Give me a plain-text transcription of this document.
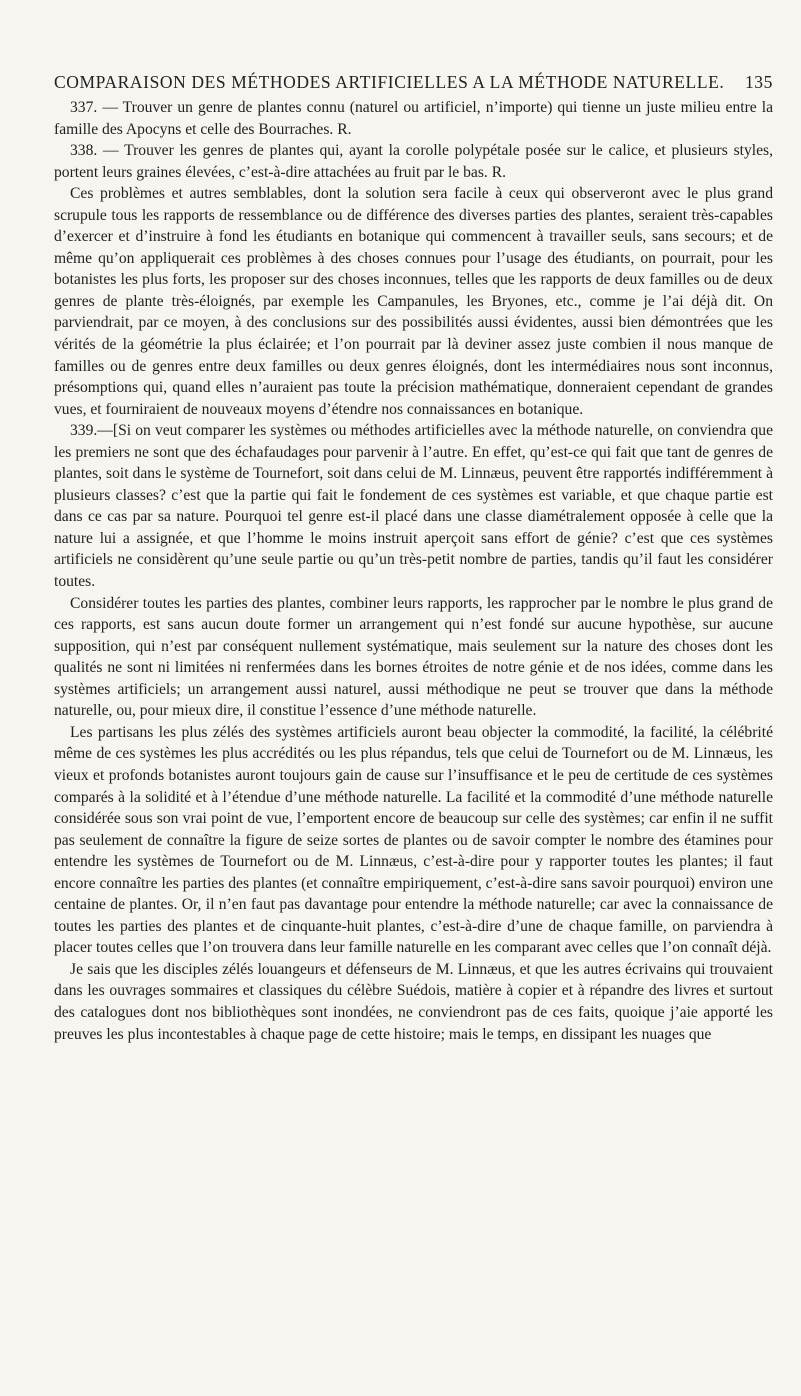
COMPARAISON DES MÉTHODES ARTIFICIELLES A LA MÉTHODE NATURELLE. 135

337. — Trouver un genre de plantes connu (naturel ou artificiel, n’importe) qui tienne un juste milieu entre la famille des Apocyns et celle des Bourraches. R.

338. — Trouver les genres de plantes qui, ayant la corolle polypétale posée sur le calice, et plusieurs styles, portent leurs graines élevées, c’est-à-dire attachées au fruit par le bas. R.

Ces problèmes et autres semblables, dont la solution sera facile à ceux qui observeront avec le plus grand scrupule tous les rapports de ressemblance ou de différence des diverses parties des plantes, seraient très-capables d’exercer et d’instruire à fond les étudiants en botanique qui commencent à travailler seuls, sans secours; et de même qu’on appliquerait ces problèmes à des choses connues pour l’usage des étudiants, on pourrait, pour les botanistes les plus forts, les proposer sur des choses inconnues, telles que les rapports de deux familles ou de deux genres de plante très-éloignés, par exemple les Campanules, les Bryones, etc., comme je l’ai déjà dit. On parviendrait, par ce moyen, à des conclusions sur des possibilités aussi évidentes, aussi bien démontrées que les vérités de la géométrie la plus éclairée; et l’on pourrait par là deviner assez juste combien il nous manque de familles ou de genres entre deux familles ou deux genres éloignés, dont les intermédiaires nous sont inconnus, présomptions qui, quand elles n’auraient pas toute la précision mathématique, donneraient cependant de grandes vues, et fourniraient de nouveaux moyens d’étendre nos connaissances en botanique.

339.—[Si on veut comparer les systèmes ou méthodes artificielles avec la méthode naturelle, on conviendra que les premiers ne sont que des échafaudages pour parvenir à l’autre. En effet, qu’est-ce qui fait que tant de genres de plantes, soit dans le système de Tournefort, soit dans celui de M. Linnæus, peuvent être rapportés indifféremment à plusieurs classes? c’est que la partie qui fait le fondement de ces systèmes est variable, et que chaque partie est dans ce cas par sa nature. Pourquoi tel genre est-il placé dans une classe diamétralement opposée à celle que la nature lui a assignée, et que l’homme le moins instruit aperçoit sans effort de génie? c’est que ces systèmes artificiels ne considèrent qu’une seule partie ou qu’un très-petit nombre de parties, tandis qu’il faut les considérer toutes.

Considérer toutes les parties des plantes, combiner leurs rapports, les rapprocher par le nombre le plus grand de ces rapports, est sans aucun doute former un arrangement qui n’est fondé sur aucune hypothèse, sur aucune supposition, qui n’est par conséquent nullement systématique, mais seulement sur la nature des choses dont les qualités ne sont ni limitées ni renfermées dans les bornes étroites de notre génie et de nos idées, comme dans les systèmes artificiels; un arrangement aussi naturel, aussi méthodique ne peut se trouver que dans la méthode naturelle, ou, pour mieux dire, il constitue l’essence d’une méthode naturelle.

Les partisans les plus zélés des systèmes artificiels auront beau objecter la commodité, la facilité, la célébrité même de ces systèmes les plus accrédités ou les plus répandus, tels que celui de Tournefort ou de M. Linnæus, les vieux et profonds botanistes auront toujours gain de cause sur l’insuffisance et le peu de certitude de ces systèmes comparés à la solidité et à l’étendue d’une méthode naturelle. La facilité et la commodité d’une méthode naturelle considérée sous son vrai point de vue, l’emportent encore de beaucoup sur celle des systèmes; car enfin il ne suffit pas seulement de connaître la figure de seize sortes de plantes ou de savoir compter le nombre des étamines pour entendre les systèmes de Tournefort ou de M. Linnæus, c’est-à-dire pour y rapporter toutes les plantes; il faut encore connaître les parties des plantes (et connaître empiriquement, c’est-à-dire sans savoir pourquoi) environ une centaine de plantes. Or, il n’en faut pas davantage pour entendre la méthode naturelle; car avec la connaissance de toutes les parties des plantes et de cinquante-huit plantes, c’est-à-dire d’une de chaque famille, on parviendra à placer toutes celles que l’on trouvera dans leur famille naturelle en les comparant avec celles que l’on connaît déjà.

Je sais que les disciples zélés louangeurs et défenseurs de M. Linnæus, et que les autres écrivains qui trouvaient dans les ouvrages sommaires et classiques du célèbre Suédois, matière à copier et à répandre des livres et surtout des catalogues dont nos bibliothèques sont inondées, ne conviendront pas de ces faits, quoique j’aie apporté les preuves les plus incontestables à chaque page de cette histoire; mais le temps, en dissipant les nuages que
